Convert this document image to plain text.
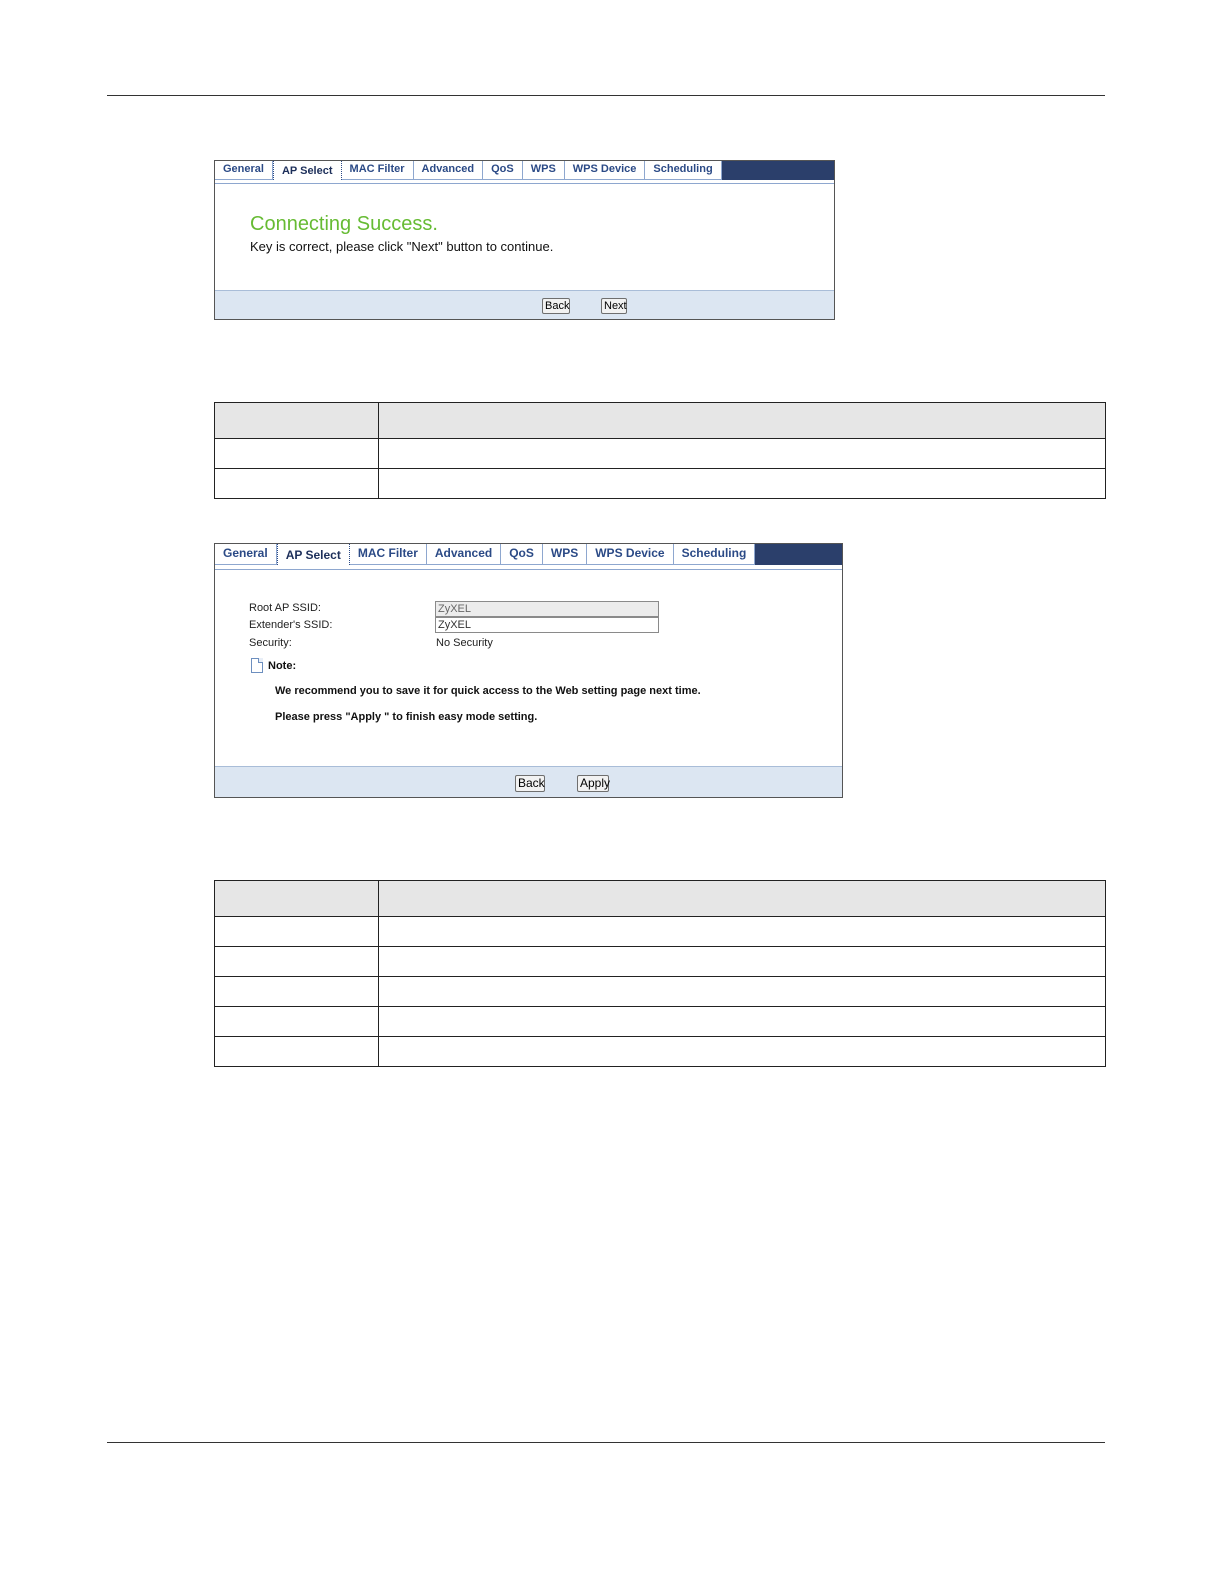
General	AP Select	MAC Filter	Advanced	QoS	WPS	WPS Device	Scheduling
Connecting Success.
Key is correct, please click "Next" button to continue.
Back	Next

General	AP Select	MAC Filter	Advanced	QoS	WPS	WPS Device	Scheduling
Root AP SSID:	ZyXEL
Extender's SSID:	ZyXEL
Security:	No Security
Note:
We recommend you to save it for quick access to the Web setting page next time.
Please press "Apply " to finish easy mode setting.
Back	Apply
